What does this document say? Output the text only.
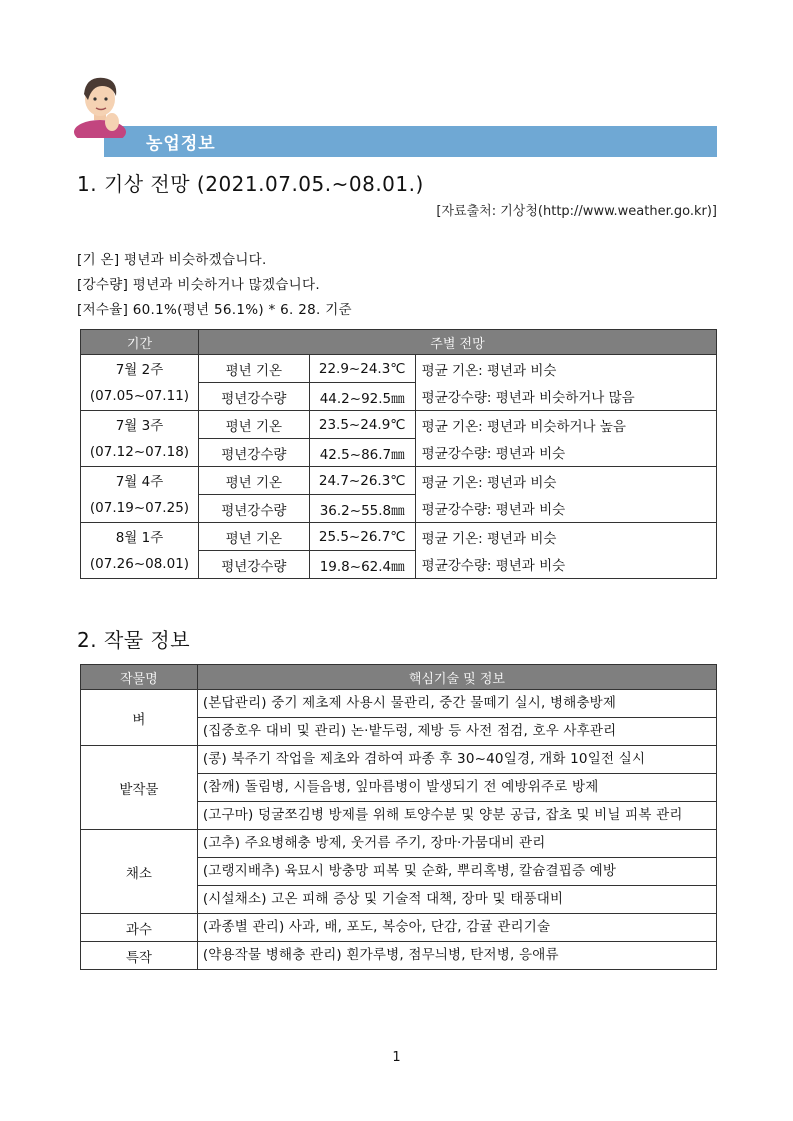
농업정보
1. 기상 전망 (2021.07.05.~08.01.)
[자료출처: 기상청(http://www.weather.go.kr)]
[기 온] 평년과 비슷하겠습니다.
[강수량] 평년과 비슷하거나 많겠습니다.
[저수율] 60.1%(평년 56.1%) * 6. 28. 기준
기간	주별 전망		

7월 2주
(07.05~07.11)	평년 기온	22.9~24.3℃	평균 기온: 평년과 비슷
	평년강수량	44.2~92.5㎜	평균강수량: 평년과 비슷하거나 많음

7월 3주
(07.12~07.18)	평년 기온	23.5~24.9℃	평균 기온: 평년과 비슷하거나 높음
	평년강수량	42.5~86.7㎜	평균강수량: 평년과 비슷

7월 4주
(07.19~07.25)	평년 기온	24.7~26.3℃	평균 기온: 평년과 비슷
	평년강수량	36.2~55.8㎜	평균강수량: 평년과 비슷

8월 1주
(07.26~08.01)	평년 기온	25.5~26.7℃	평균 기온: 평년과 비슷
	평년강수량	19.8~62.4㎜	평균강수량: 평년과 비슷
2. 작물 정보
작물명	핵심기술 및 정보
벼	(본답관리) 중기 제초제 사용시 물관리, 중간 물떼기 실시, 병해충방제
	(집중호우 대비 및 관리) 논·밭두렁, 제방 등 사전 점검, 호우 사후관리
밭작물	(콩) 북주기 작업을 제초와 겸하여 파종 후 30~40일경, 개화 10일전 실시
	(참깨) 돌림병, 시들음병, 잎마름병이 발생되기 전 예방위주로 방제
	(고구마) 덩굴쪼김병 방제를 위해 토양수분 및 양분 공급, 잡초 및 비닐 피복 관리
채소	(고추) 주요병해충 방제, 웃거름 주기, 장마·가뭄대비 관리
	(고랭지배추) 육묘시 방충망 피복 및 순화, 뿌리혹병, 칼슘결핍증 예방
	(시설채소) 고온 피해 증상 및 기술적 대책, 장마 및 태풍대비
과수	(과종별 관리) 사과, 배, 포도, 복숭아, 단감, 감귤 관리기술
특작	(약용작물 병해충 관리) 흰가루병, 점무늬병, 탄저병, 응애류
1
